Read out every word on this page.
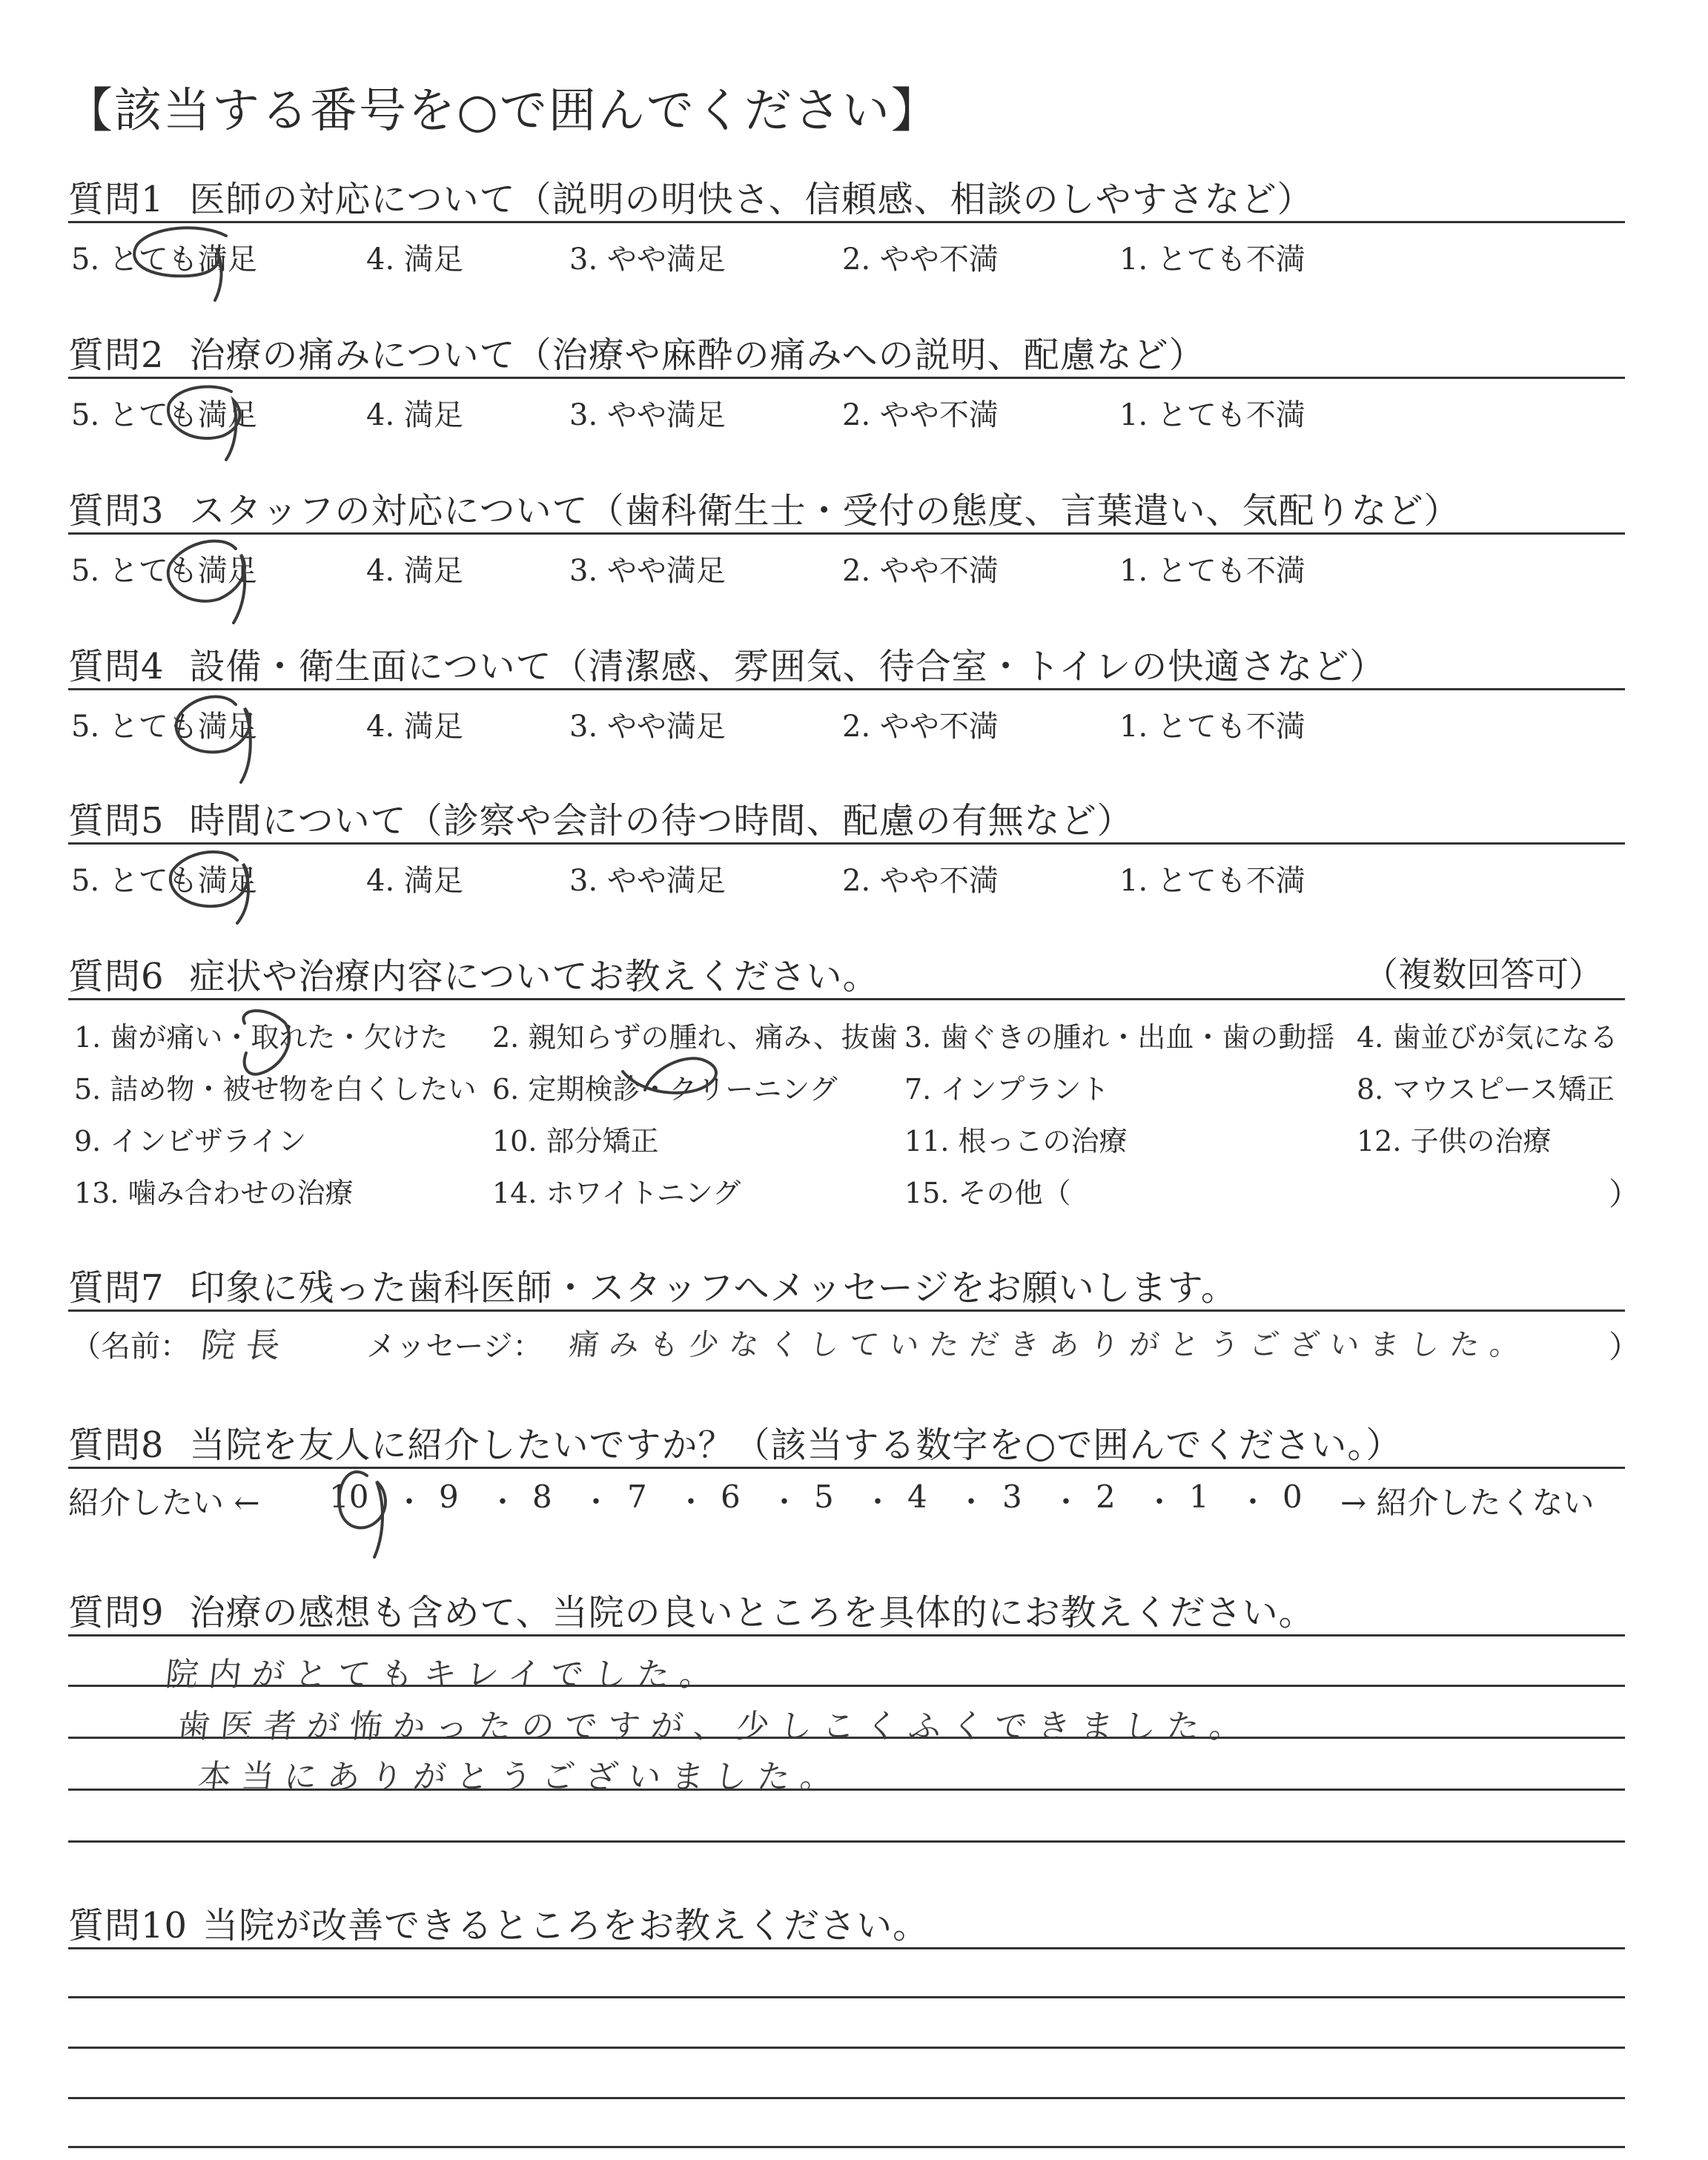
【該当する番号を○で囲んでください】
質問1 医師の対応について（説明の明快さ、信頼感、相談のしやすさなど）
5. とても満足	4. 満足	3. やや満足	2. やや不満	1. とても不満
質問2 治療の痛みについて（治療や麻酔の痛みへの説明、配慮など）
5. とても満足	4. 満足	3. やや満足	2. やや不満	1. とても不満
質問3 スタッフの対応について（歯科衛生士・受付の態度、言葉遣い、気配りなど）
5. とても満足	4. 満足	3. やや満足	2. やや不満	1. とても不満
質問4 設備・衛生面について（清潔感、雰囲気、待合室・トイレの快適さなど）
5. とても満足	4. 満足	3. やや満足	2. やや不満	1. とても不満
質問5 時間について（診察や会計の待つ時間、配慮の有無など）
5. とても満足	4. 満足	3. やや満足	2. やや不満	1. とても不満
質問6 症状や治療内容についてお教えください。	（複数回答可）
1. 歯が痛い・取れた・欠けた 2. 親知らずの腫れ、痛み、抜歯 3. 歯ぐきの腫れ・出血・歯の動揺 4. 歯並びが気になる
5. 詰め物・被せ物を白くしたい 6. 定期検診・クリーニング 7. インプラント	8. マウスピース矯正
9. インビザライン	10. 部分矯正	11. 根っこの治療	12. 子供の治療
13. 噛み合わせの治療	14. ホワイトニング	15. その他（	）
質問7 印象に残った歯科医師・スタッフへメッセージをお願いします。
（名前： 院長 メッセージ： 痛みも少なくしていただきありがとうございました。 ）
質問8 当院を友人に紹介したいですか？（該当する数字を○で囲んでください。）
紹介したい ← 10 ・ 9 ・ 8 ・ 7 ・ 6 ・ 5 ・ 4 ・ 3 ・ 2 ・ 1 ・ 0 → 紹介したくない
質問9 治療の感想も含めて、当院の良いところを具体的にお教えください。
院内がとてもキレイでした。
歯医者が怖かったのですが、少しこくふくできました。
本当にありがとうございました。
質問10 当院が改善できるところをお教えください。
